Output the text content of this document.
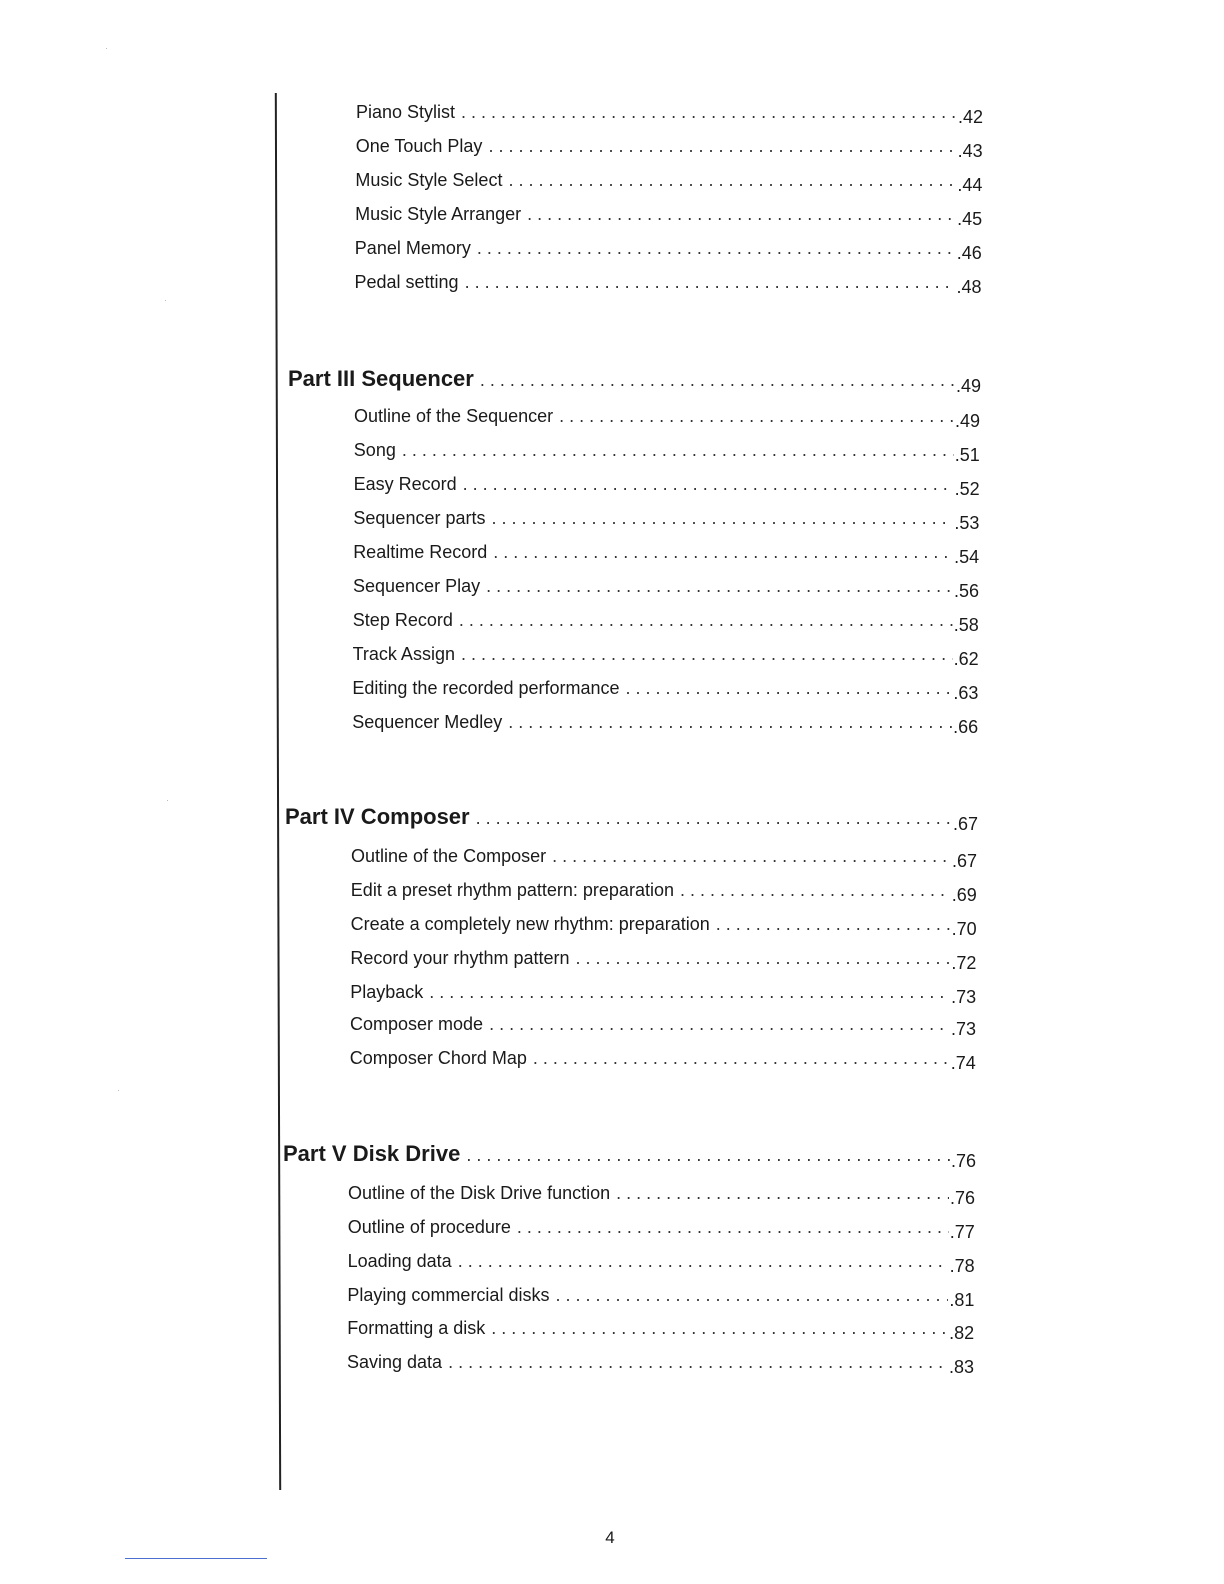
Piano Stylist . . .	.42
One Touch Play . . .	.43
Music Style Select . . .	.44
Music Style Arranger . . .	.45
Panel Memory . . .	.46
Pedal setting . . .	.48
Part III Sequencer . . .	.49
Outline of the Sequencer . . .	.49
Song . . .	.51
Easy Record . . .	.52
Sequencer parts . . .	.53
Realtime Record . . .	.54
Sequencer Play . . .	.56
Step Record . . .	.58
Track Assign . . .	.62
Editing the recorded performance . . .	.63
Sequencer Medley . . .	.66
Part IV Composer . . .	.67
Outline of the Composer . . .	.67
Edit a preset rhythm pattern: preparation . . .	.69
Create a completely new rhythm: preparation . . .	.70
Record your rhythm pattern . . .	.72
Playback . . .	.73
Composer mode . . .	.73
Composer Chord Map . . .	.74
Part V Disk Drive . . .	.76
Outline of the Disk Drive function . . .	.76
Outline of procedure . . .	.77
Loading data . . .	.78
Playing commercial disks . . .	.81
Formatting a disk . . .	.82
Saving data . . .	.83
4
